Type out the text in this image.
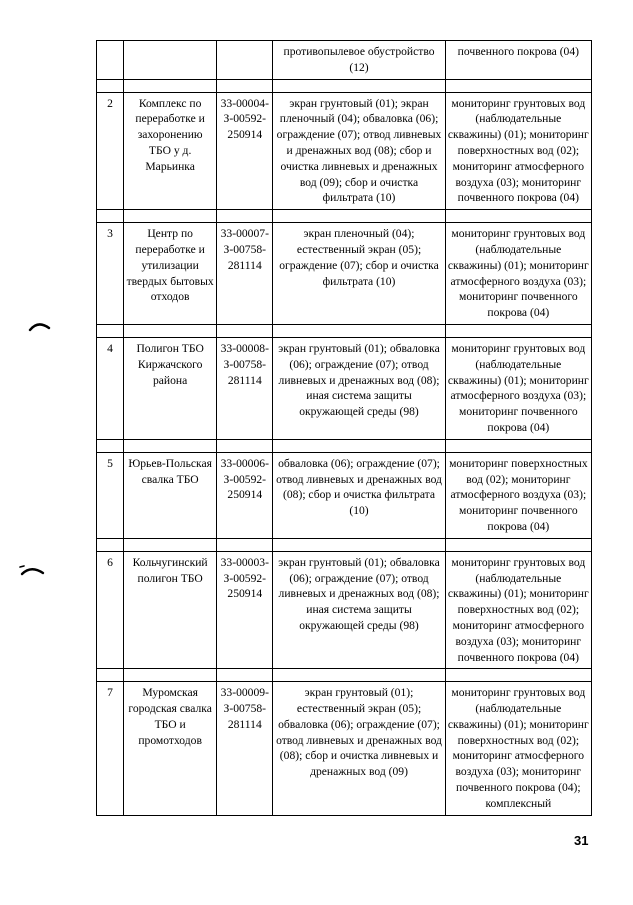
			противопылевое обустройство (12)	почвенного покрова (04)

2	Комплекс по переработке и захоронению ТБО у д. Марьинка	33-00004-З-00592-250914	экран грунтовый (01); экран пленочный (04); обваловка (06); ограждение (07); отвод ливневых и дренажных вод (08); сбор и очистка ливневых и дренажных вод (09); сбор и очистка фильтрата (10)	мониторинг грунтовых вод (наблюдательные скважины) (01); мониторинг поверхностных вод (02); мониторинг атмосферного воздуха (03); мониторинг почвенного покрова (04)

3	Центр по переработке и утилизации твердых бытовых отходов	33-00007-З-00758-281114	экран пленочный (04); естественный экран (05); ограждение (07); сбор и очистка фильтрата (10)	мониторинг грунтовых вод (наблюдательные скважины) (01); мониторинг атмосферного воздуха (03); мониторинг почвенного покрова (04)

4	Полигон ТБО Киржачского района	33-00008-З-00758-281114	экран грунтовый (01); обваловка (06); ограждение (07); отвод ливневых и дренажных вод (08); иная система защиты окружающей среды (98)	мониторинг грунтовых вод (наблюдательные скважины) (01); мониторинг атмосферного воздуха (03); мониторинг почвенного покрова (04)

5	Юрьев-Польская свалка ТБО	33-00006-З-00592-250914	обваловка (06); ограждение (07); отвод ливневых и дренажных вод (08); сбор и очистка фильтрата (10)	мониторинг поверхностных вод (02); мониторинг атмосферного воздуха (03); мониторинг почвенного покрова (04)

6	Кольчугинский полигон ТБО	33-00003-З-00592-250914	экран грунтовый (01); обваловка (06); ограждение (07); отвод ливневых и дренажных вод (08); иная система защиты окружающей среды (98)	мониторинг грунтовых вод (наблюдательные скважины) (01); мониторинг поверхностных вод (02); мониторинг атмосферного воздуха (03); мониторинг почвенного покрова (04)

7	Муромская городская свалка ТБО и промотходов	33-00009-З-00758-281114	экран грунтовый (01); естественный экран (05); обваловка (06); ограждение (07); отвод ливневых и дренажных вод (08); сбор и очистка ливневых и дренажных вод (09)	мониторинг грунтовых вод (наблюдательные скважины) (01); мониторинг поверхностных вод (02); мониторинг атмосферного воздуха (03); мониторинг почвенного покрова (04); комплексный
31
